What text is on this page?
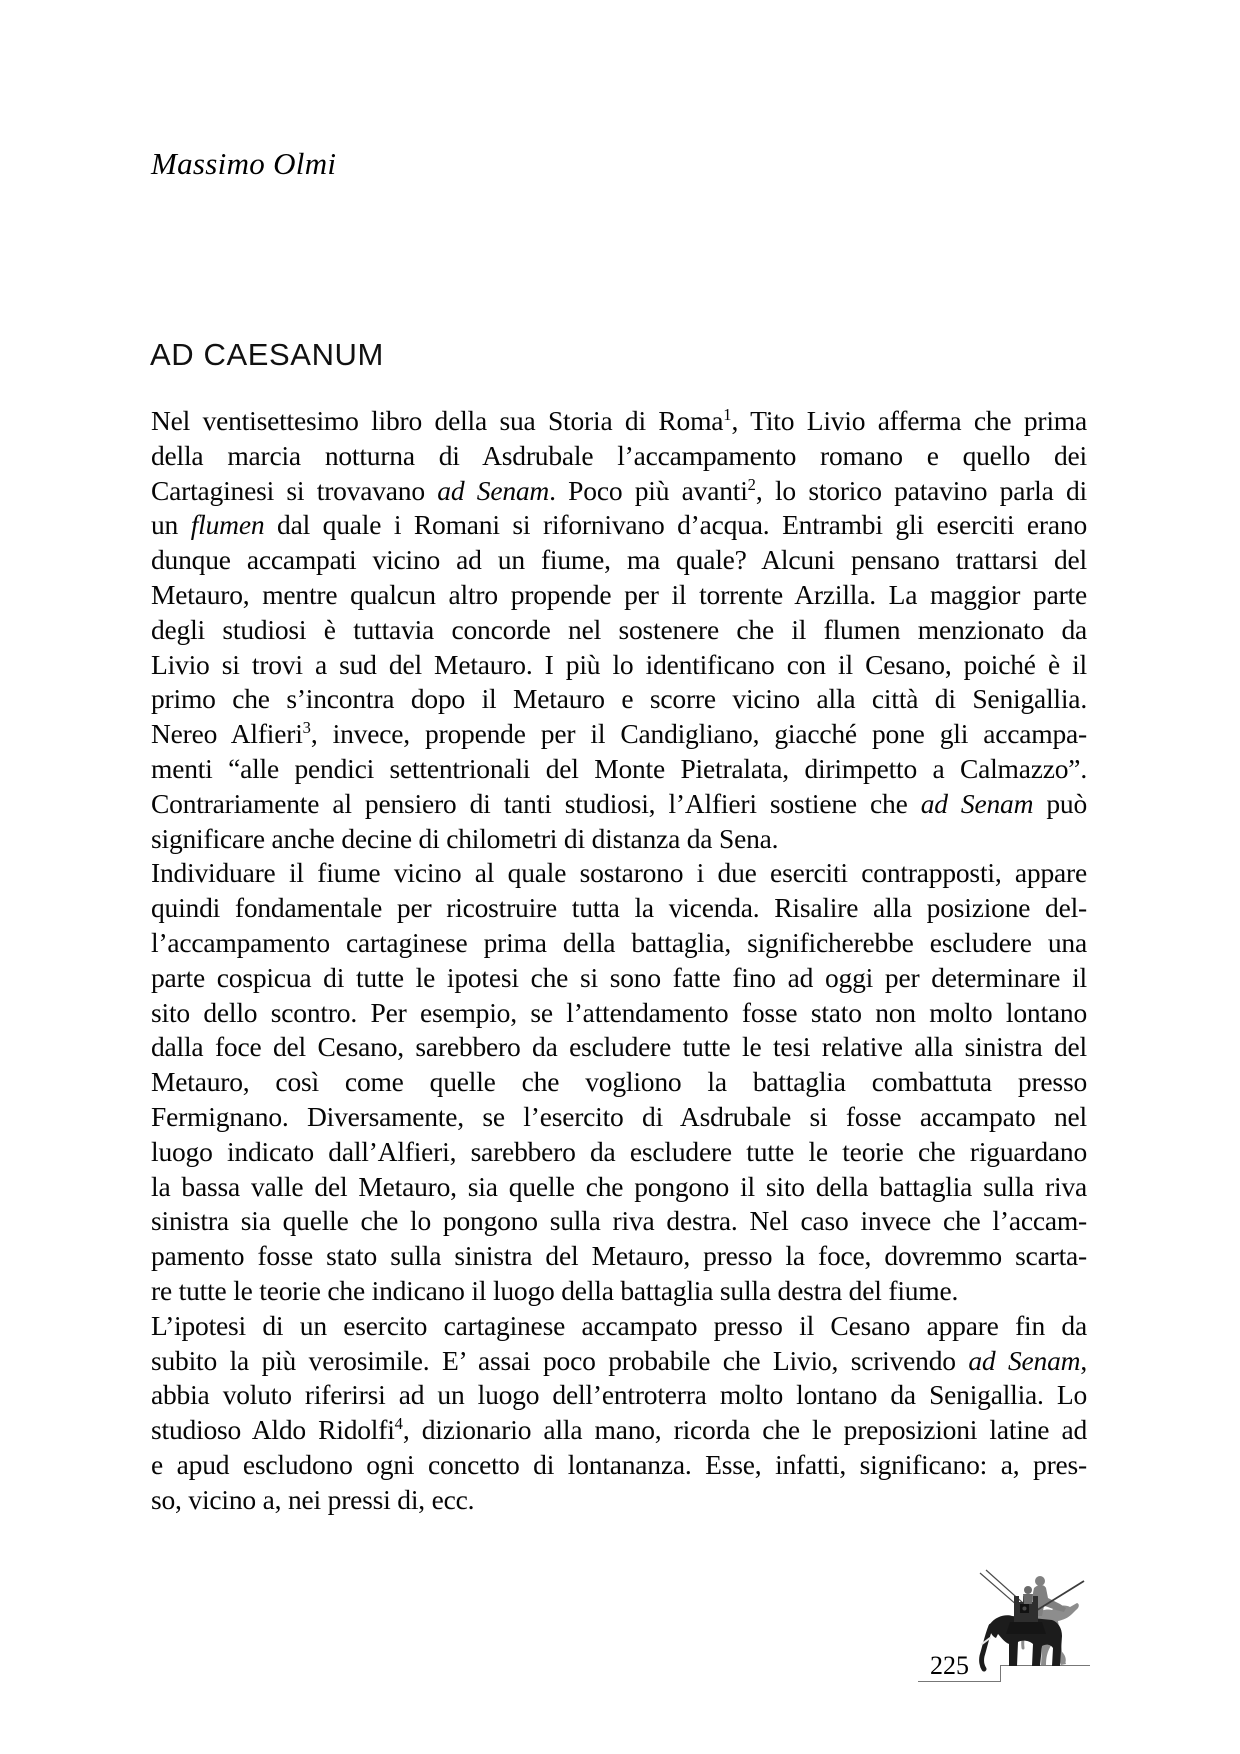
Massimo Olmi
AD CAESANUM
Nel ventisettesimo libro della sua Storia di Roma$^1$, Tito Livio afferma che prima
della marcia notturna di Asdrubale l’accampamento romano e quello dei
Cartaginesi si trovavano ad Senam. Poco più avanti$^2$, lo storico patavino parla di
un flumen dal quale i Romani si rifornivano d’acqua. Entrambi gli eserciti erano
dunque accampati vicino ad un fiume, ma quale? Alcuni pensano trattarsi del
Metauro, mentre qualcun altro propende per il torrente Arzilla. La maggior parte
degli studiosi è tuttavia concorde nel sostenere che il flumen menzionato da
Livio si trovi a sud del Metauro. I più lo identificano con il Cesano, poiché è il
primo che s’incontra dopo il Metauro e scorre vicino alla città di Senigallia.
Nereo Alfieri$^3$, invece, propende per il Candigliano, giacché pone gli accampa-
menti “alle pendici settentrionali del Monte Pietralata, dirimpetto a Calmazzo”.
Contrariamente al pensiero di tanti studiosi, l’Alfieri sostiene che ad Senam può
significare anche decine di chilometri di distanza da Sena.
Individuare il fiume vicino al quale sostarono i due eserciti contrapposti, appare
quindi fondamentale per ricostruire tutta la vicenda. Risalire alla posizione del-
l’accampamento cartaginese prima della battaglia, significherebbe escludere una
parte cospicua di tutte le ipotesi che si sono fatte fino ad oggi per determinare il
sito dello scontro. Per esempio, se l’attendamento fosse stato non molto lontano
dalla foce del Cesano, sarebbero da escludere tutte le tesi relative alla sinistra del
Metauro, così come quelle che vogliono la battaglia combattuta presso
Fermignano. Diversamente, se l’esercito di Asdrubale si fosse accampato nel
luogo indicato dall’Alfieri, sarebbero da escludere tutte le teorie che riguardano
la bassa valle del Metauro, sia quelle che pongono il sito della battaglia sulla riva
sinistra sia quelle che lo pongono sulla riva destra. Nel caso invece che l’accam-
pamento fosse stato sulla sinistra del Metauro, presso la foce, dovremmo scarta-
re tutte le teorie che indicano il luogo della battaglia sulla destra del fiume.
L’ipotesi di un esercito cartaginese accampato presso il Cesano appare fin da
subito la più verosimile. E’ assai poco probabile che Livio, scrivendo ad Senam,
abbia voluto riferirsi ad un luogo dell’entroterra molto lontano da Senigallia. Lo
studioso Aldo Ridolfi$^4$, dizionario alla mano, ricorda che le preposizioni latine ad
e apud escludono ogni concetto di lontananza. Esse, infatti, significano: a, pres-
so, vicino a, nei pressi di, ecc.
225
